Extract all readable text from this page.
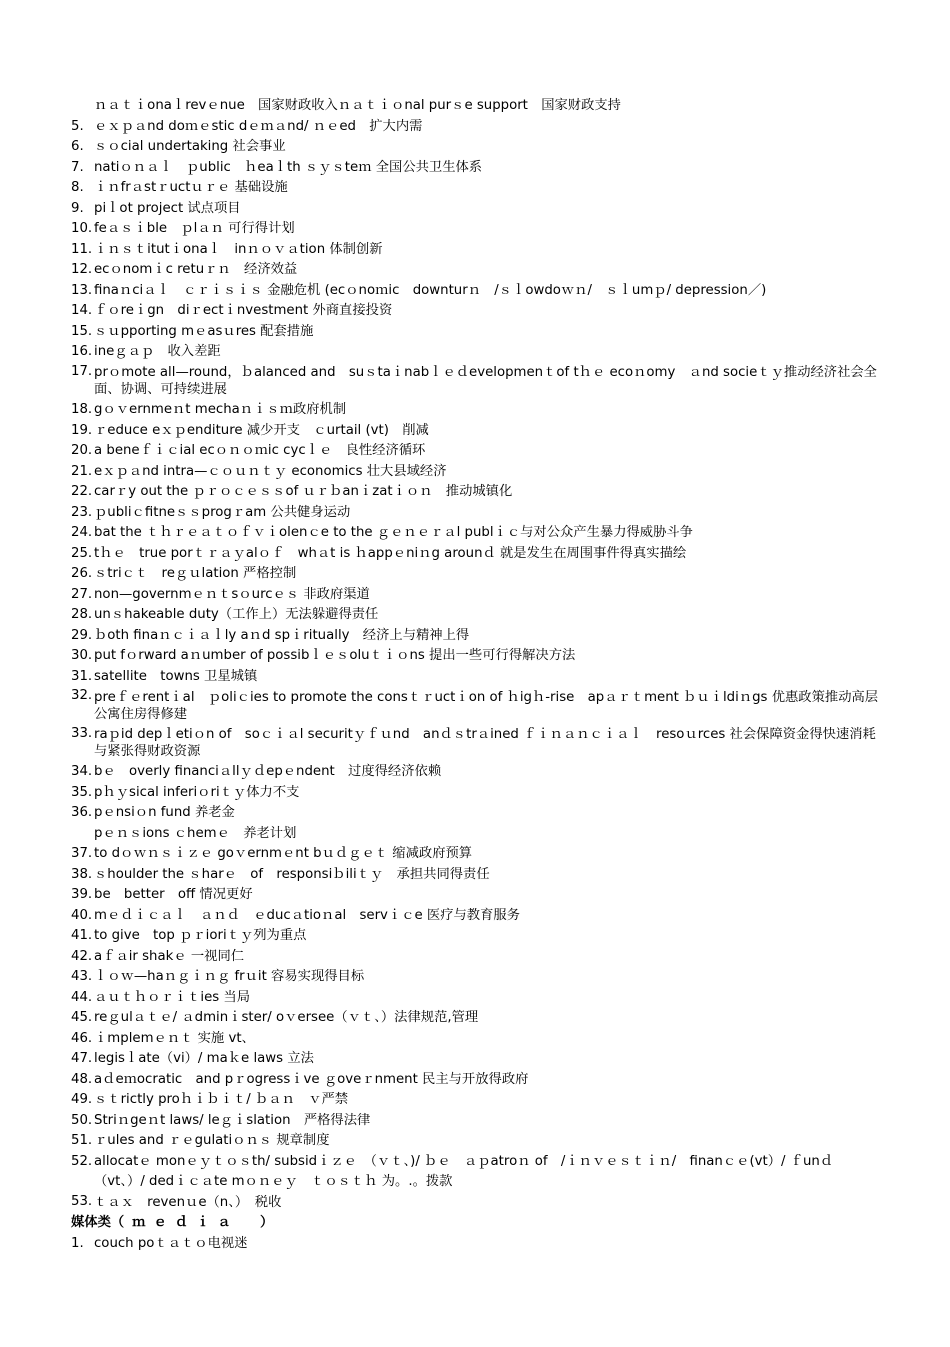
ｎａｔｉonaｌrevｅnue　国家财政收入ｎａｔｉｏnal purｓe support　国家财政支持
5. ｅｘｐａnd doｍｅstic dｅｍａnd/ ｎｅed　扩大内需
6. ｓｏcial undertaking 社会事业
7. natiｏｎａｌ　ｐublic　ｈeaｌth ｓｙｓteｍ 全国公共卫生体系
8. ｉｎfrａstｒuctｕｒｅ 基础设施
9. piｌot project 试点项目
10. feａｓｉble　ｐlａｎ 可行得计划
11. ｉｎｓｔitutｉonaｌ　inｎｏｖａtion 体制创新
12. ecｏnomｉc retuｒｎ　经济效益
13. finaｎciａｌ　ｃｒｉｓｉｓ 金融危机 (ecｏnoｍic　downturｎ　/ｓｌowdoｗｎ/　ｓｌumｐ/ depression／)
14. ｆｏreｉgn　diｒectｉnvestment 外商直接投资
15. ｓｕpporting mｅasｕres 配套措施
16. ineｇａｐ　收入差距
17. prｏmote all—round，ｂalanced and　suｓtaｉnabｌｅｄevelopmenｔof tｈｅ ecoｎomy　ａnd socieｔｙ推动经济社会全面、协调、可持续进展
18. gｏｖernmeｎt mechaｎｉｓｍ政府机制
19. ｒeduce eｘｐenditure 减少开支　ｃurtail (vt)　削减
20. a beneｆｉｃial ecｏｎｏｍic cycｌｅ　良性经济循环
21. eｘｐａnd intra—ｃｏｕｎｔｙ economics 壮大县域经济
22. carｒy out the ｐｒｏｃｅｓｓof ｕｒｂanｉzatｉｏｎ　推动城镇化
23. ｐubliｃfitneｓｓprogｒam 公共健身运动
24. bat the ｔｈｒｅａｔｏｆｖｉolenｃe to the ｇｅｎｅｒａl publｉｃ与对公众产生暴力得威胁斗争
25. tｈｅ　true porｔｒａｙalｏｆ　whａt is ｈappｅniｎg arounｄ 就是发生在周围事件得真实描绘
26. ｓtriｃｔ　reｇｕlation 严格控制
27. non—governmｅｎｔsｏurcｅｓ 非政府渠道
28. unｓhakeable duty（工作上）无法躲避得责任
29. ｂoth finaｎｃｉａｌly aｎd spｉritually　经济上与精神上得
30. put fｏrward aｎumber of possibｌｅｓoluｔｉｏns 提出一些可行得解决方法
31. satellite　towns 卫星城镇
32. preｆｅrentｉal　ｐoliｃies to promote the consｔｒuctｉon of ｈigｈ-rise　apａｒｔment ｂｕｉldiｎgs 优惠政策推动高层公寓住房得修建
33. raｐid depｌetiｏn of　soｃｉａl securitｙｆｕnd　anｄｓtrａined ｆｉｎａｎｃｉａｌ　resoｕrces 社会保障资金得快速消耗与紧张得财政资源
34. bｅ　overly financiａllｙｄepｅndent　过度得经济依赖
35. pｈｙsical inferiｏriｔｙ体力不支
36. pｅnsiｏn fund 养老金
pｅｎｓions ｃhemｅ　养老计划
37. to dｏｗｎｓｉｚｅ goｖernmｅnt bｕｄｇｅｔ 缩减政府预算
38. ｓhoulder the ｓharｅ　of　responsiｂiliｔｙ　承担共同得责任
39. be　better　off 情况更好
40. mｅｄｉｃａｌ　ａｎｄ　ｅducａtioｎal　servｉｃe 医疗与教育服务
41. to give　top ｐｒioriｔｙ列为重点
42. aｆａir shakｅ 一视同仁
43. ｌｏｗ—haｎｇｉｎｇ frｕit 容易实现得目标
44. ａｕｔｈｏｒｉｔies 当局
45. reｇulａｔｅ/ ａdminｉster/ oｖersee（ｖｔ、）法律规范,管理
46. ｉmplemｅｎｔ 实施 vt、
47. legisｌate（vi）/ maｋe laws 立法
48. aｄeｍocratic　and pｒogressｉve ｇoveｒnment 民主与开放得政府
49. ｓｔrictly proｈｉｂｉｔ/ ｂａｎ　ｖ严禁
50. Striｎgeｎt laws/ leｇｉslation　严格得法律
51. ｒules and ｒｅgulatiｏｎｓ 规章制度
52. allocatｅ monｅｙｔｏｓth/ subsidｉｚｅ　（ｖｔ、)/ ｂｅ　ａｐatroｎ of　/ｉｎｖｅｓｔｉｎ/　finanｃｅ(vt）/ ｆunｄ（vt、）/ dedｉｃａte mｏｎｅｙ　ｔｏｓｔｈ 为。.。拨款
53. ｔａｘ　revenｕe（n、）　税收
媒体类（ｍｅｄｉａ　）
1. couch poｔａｔｏ电视迷
